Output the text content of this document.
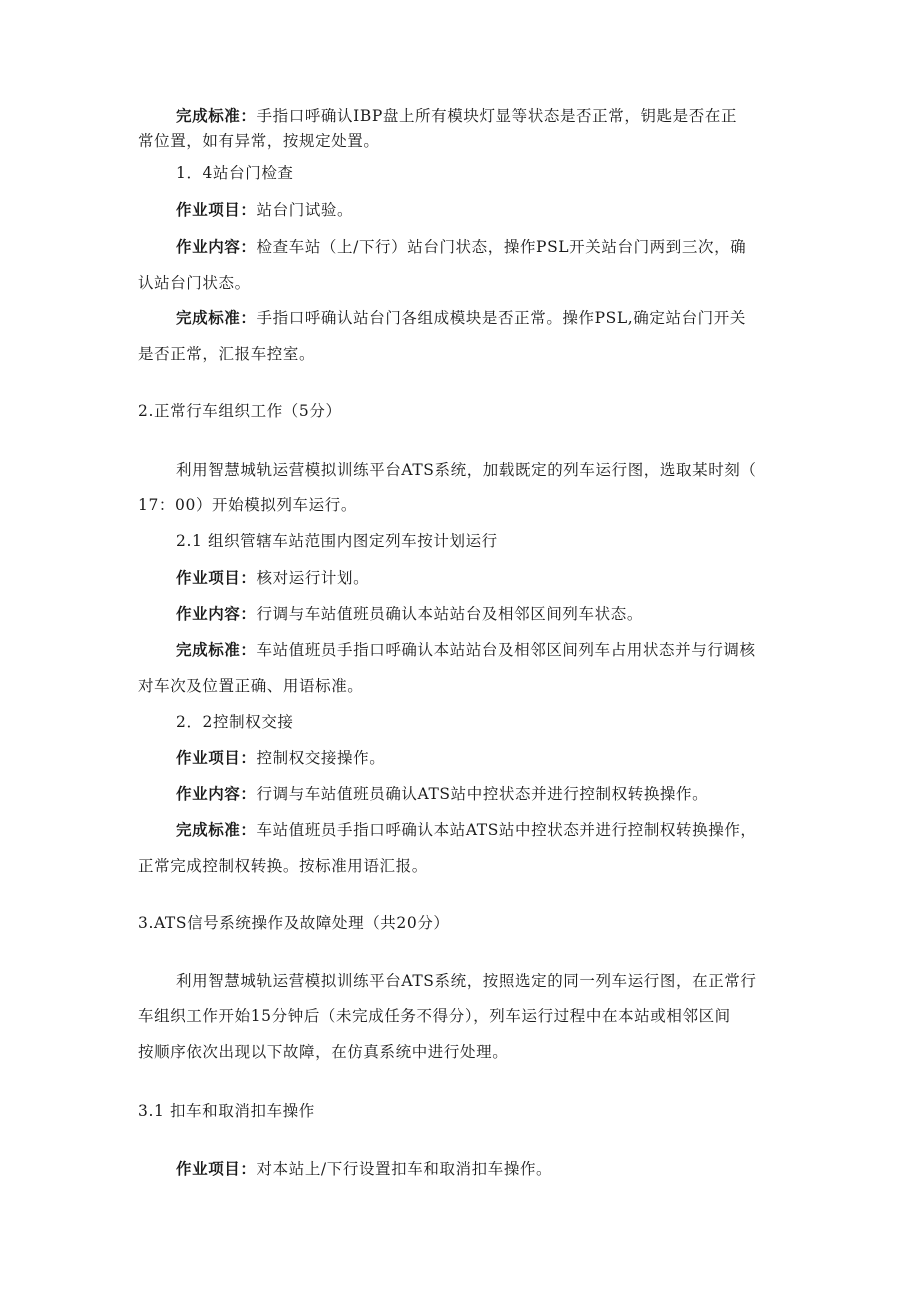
完成标准：手指口呼确认IBP盘上所有模块灯显等状态是否正常，钥匙是否在正
常位置，如有异常，按规定处置。
1．4站台门检查
作业项目：站台门试验。
作业内容：检查车站（上/下行）站台门状态，操作PSL开关站台门两到三次，确
认站台门状态。
完成标准：手指口呼确认站台门各组成模块是否正常。操作PSL,确定站台门开关
是否正常，汇报车控室。
2.正常行车组织工作（5分）
利用智慧城轨运营模拟训练平台ATS系统，加载既定的列车运行图，选取某时刻（
17：00）开始模拟列车运行。
2.1 组织管辖车站范围内图定列车按计划运行
作业项目：核对运行计划。
作业内容：行调与车站值班员确认本站站台及相邻区间列车状态。
完成标准：车站值班员手指口呼确认本站站台及相邻区间列车占用状态并与行调核
对车次及位置正确、用语标准。
2．2控制权交接
作业项目：控制权交接操作。
作业内容：行调与车站值班员确认ATS站中控状态并进行控制权转换操作。
完成标准：车站值班员手指口呼确认本站ATS站中控状态并进行控制权转换操作，
正常完成控制权转换。按标准用语汇报。
3.ATS信号系统操作及故障处理（共20分）
利用智慧城轨运营模拟训练平台ATS系统，按照选定的同一列车运行图，在正常行
车组织工作开始15分钟后（未完成任务不得分），列车运行过程中在本站或相邻区间
按顺序依次出现以下故障，在仿真系统中进行处理。
3.1 扣车和取消扣车操作
作业项目：对本站上/下行设置扣车和取消扣车操作。
